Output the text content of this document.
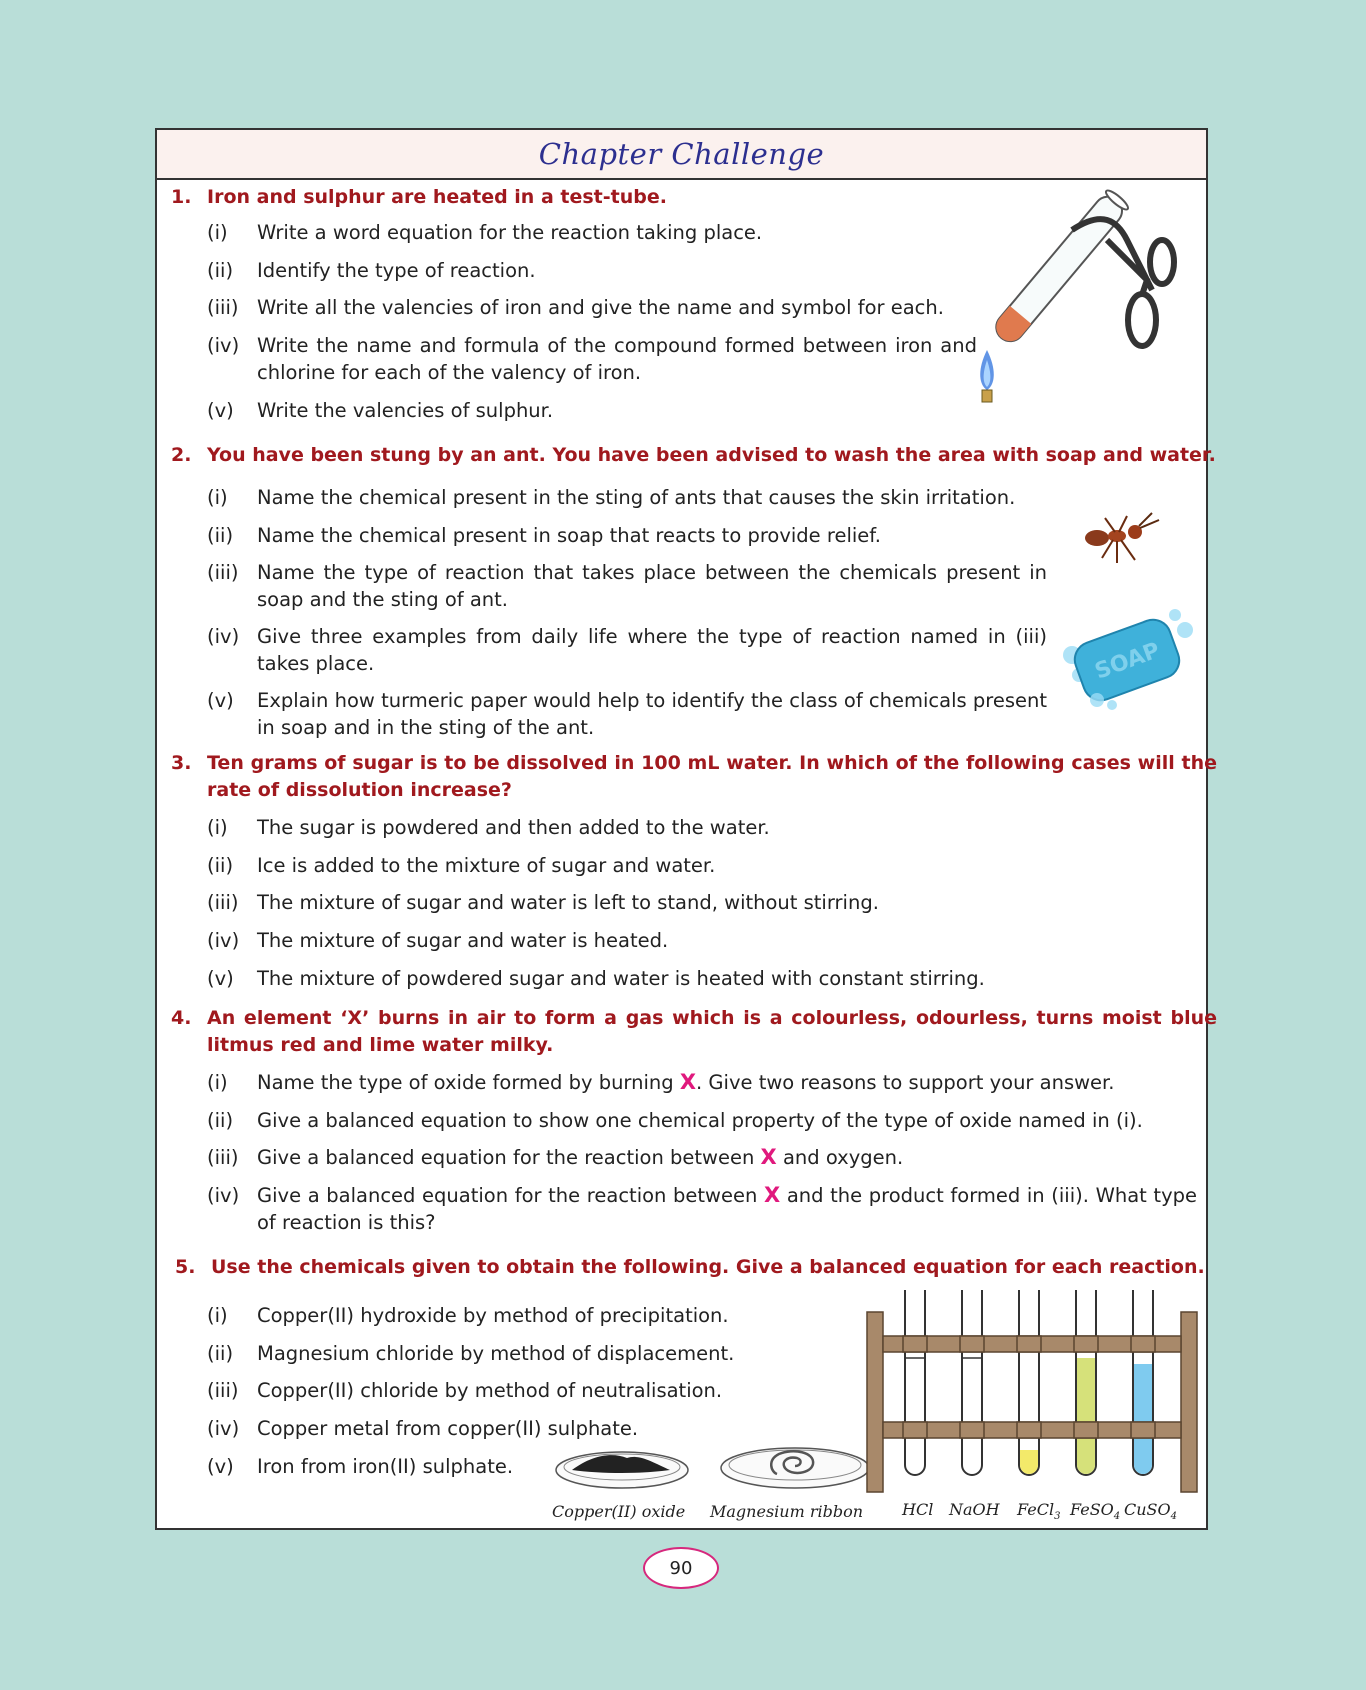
Chapter Challenge
1. Iron and sulphur are heated in a test-tube.
(i) Write a word equation for the reaction taking place.
(ii) Identify the type of reaction.
(iii) Write all the valencies of iron and give the name and symbol for each.
(iv) Write the name and formula of the compound formed between iron and chlorine for each of the valency of iron.
(v) Write the valencies of sulphur.
2. You have been stung by an ant. You have been advised to wash the area with soap and water.
(i) Name the chemical present in the sting of ants that causes the skin irritation.
(ii) Name the chemical present in soap that reacts to provide relief.
(iii) Name the type of reaction that takes place between the chemicals present in soap and the sting of ant.
(iv) Give three examples from daily life where the type of reaction named in (iii) takes place.
(v) Explain how turmeric paper would help to identify the class of chemicals present in soap and in the sting of the ant.
SOAP
3. Ten grams of sugar is to be dissolved in 100 mL water. In which of the following cases will the rate of dissolution increase?
(i) The sugar is powdered and then added to the water.
(ii) Ice is added to the mixture of sugar and water.
(iii) The mixture of sugar and water is left to stand, without stirring.
(iv) The mixture of sugar and water is heated.
(v) The mixture of powdered sugar and water is heated with constant stirring.
4. An element ‘X’ burns in air to form a gas which is a colourless, odourless, turns moist blue litmus red and lime water milky.
(i) Name the type of oxide formed by burning X. Give two reasons to support your answer.
(ii) Give a balanced equation to show one chemical property of the type of oxide named in (i).
(iii) Give a balanced equation for the reaction between X and oxygen.
(iv) Give a balanced equation for the reaction between X and the product formed in (iii). What type of reaction is this?
5. Use the chemicals given to obtain the following. Give a balanced equation for each reaction.
(i) Copper(II) hydroxide by method of precipitation.
(ii) Magnesium chloride by method of displacement.
(iii) Copper(II) chloride by method of neutralisation.
(iv) Copper metal from copper(II) sulphate.
(v) Iron from iron(II) sulphate.
Copper(II) oxide Magnesium ribbon HCl NaOH FeCl$_3$ FeSO$_4$ CuSO$_4$
90
